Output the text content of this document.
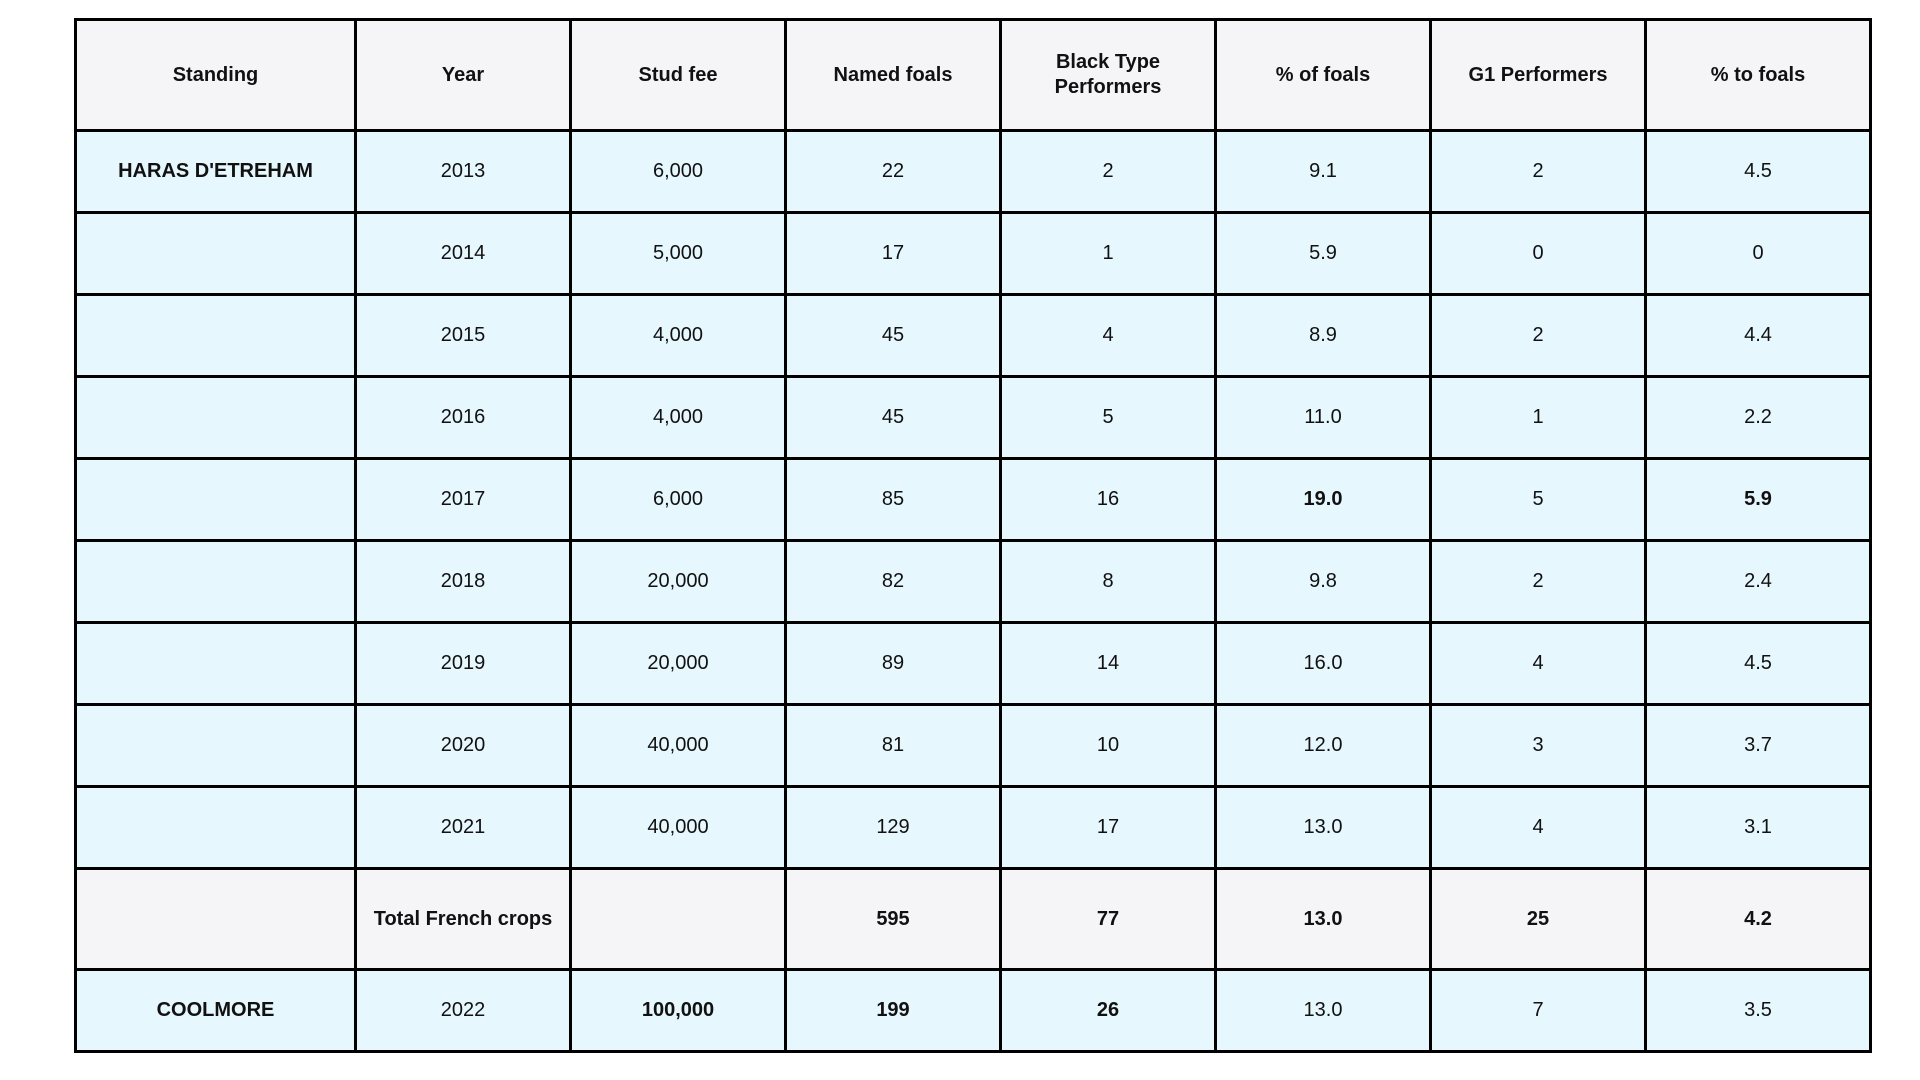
Standing	Year	Stud fee	Named foals	Black Type Performers	% of foals	G1 Performers	% to foals
HARAS D'ETREHAM	2013	6,000	22	2	9.1	2	4.5
	2014	5,000	17	1	5.9	0	0
	2015	4,000	45	4	8.9	2	4.4
	2016	4,000	45	5	11.0	1	2.2
	2017	6,000	85	16	19.0	5	5.9
	2018	20,000	82	8	9.8	2	2.4
	2019	20,000	89	14	16.0	4	4.5
	2020	40,000	81	10	12.0	3	3.7
	2021	40,000	129	17	13.0	4	3.1
	Total French crops		595	77	13.0	25	4.2
COOLMORE	2022	100,000	199	26	13.0	7	3.5
